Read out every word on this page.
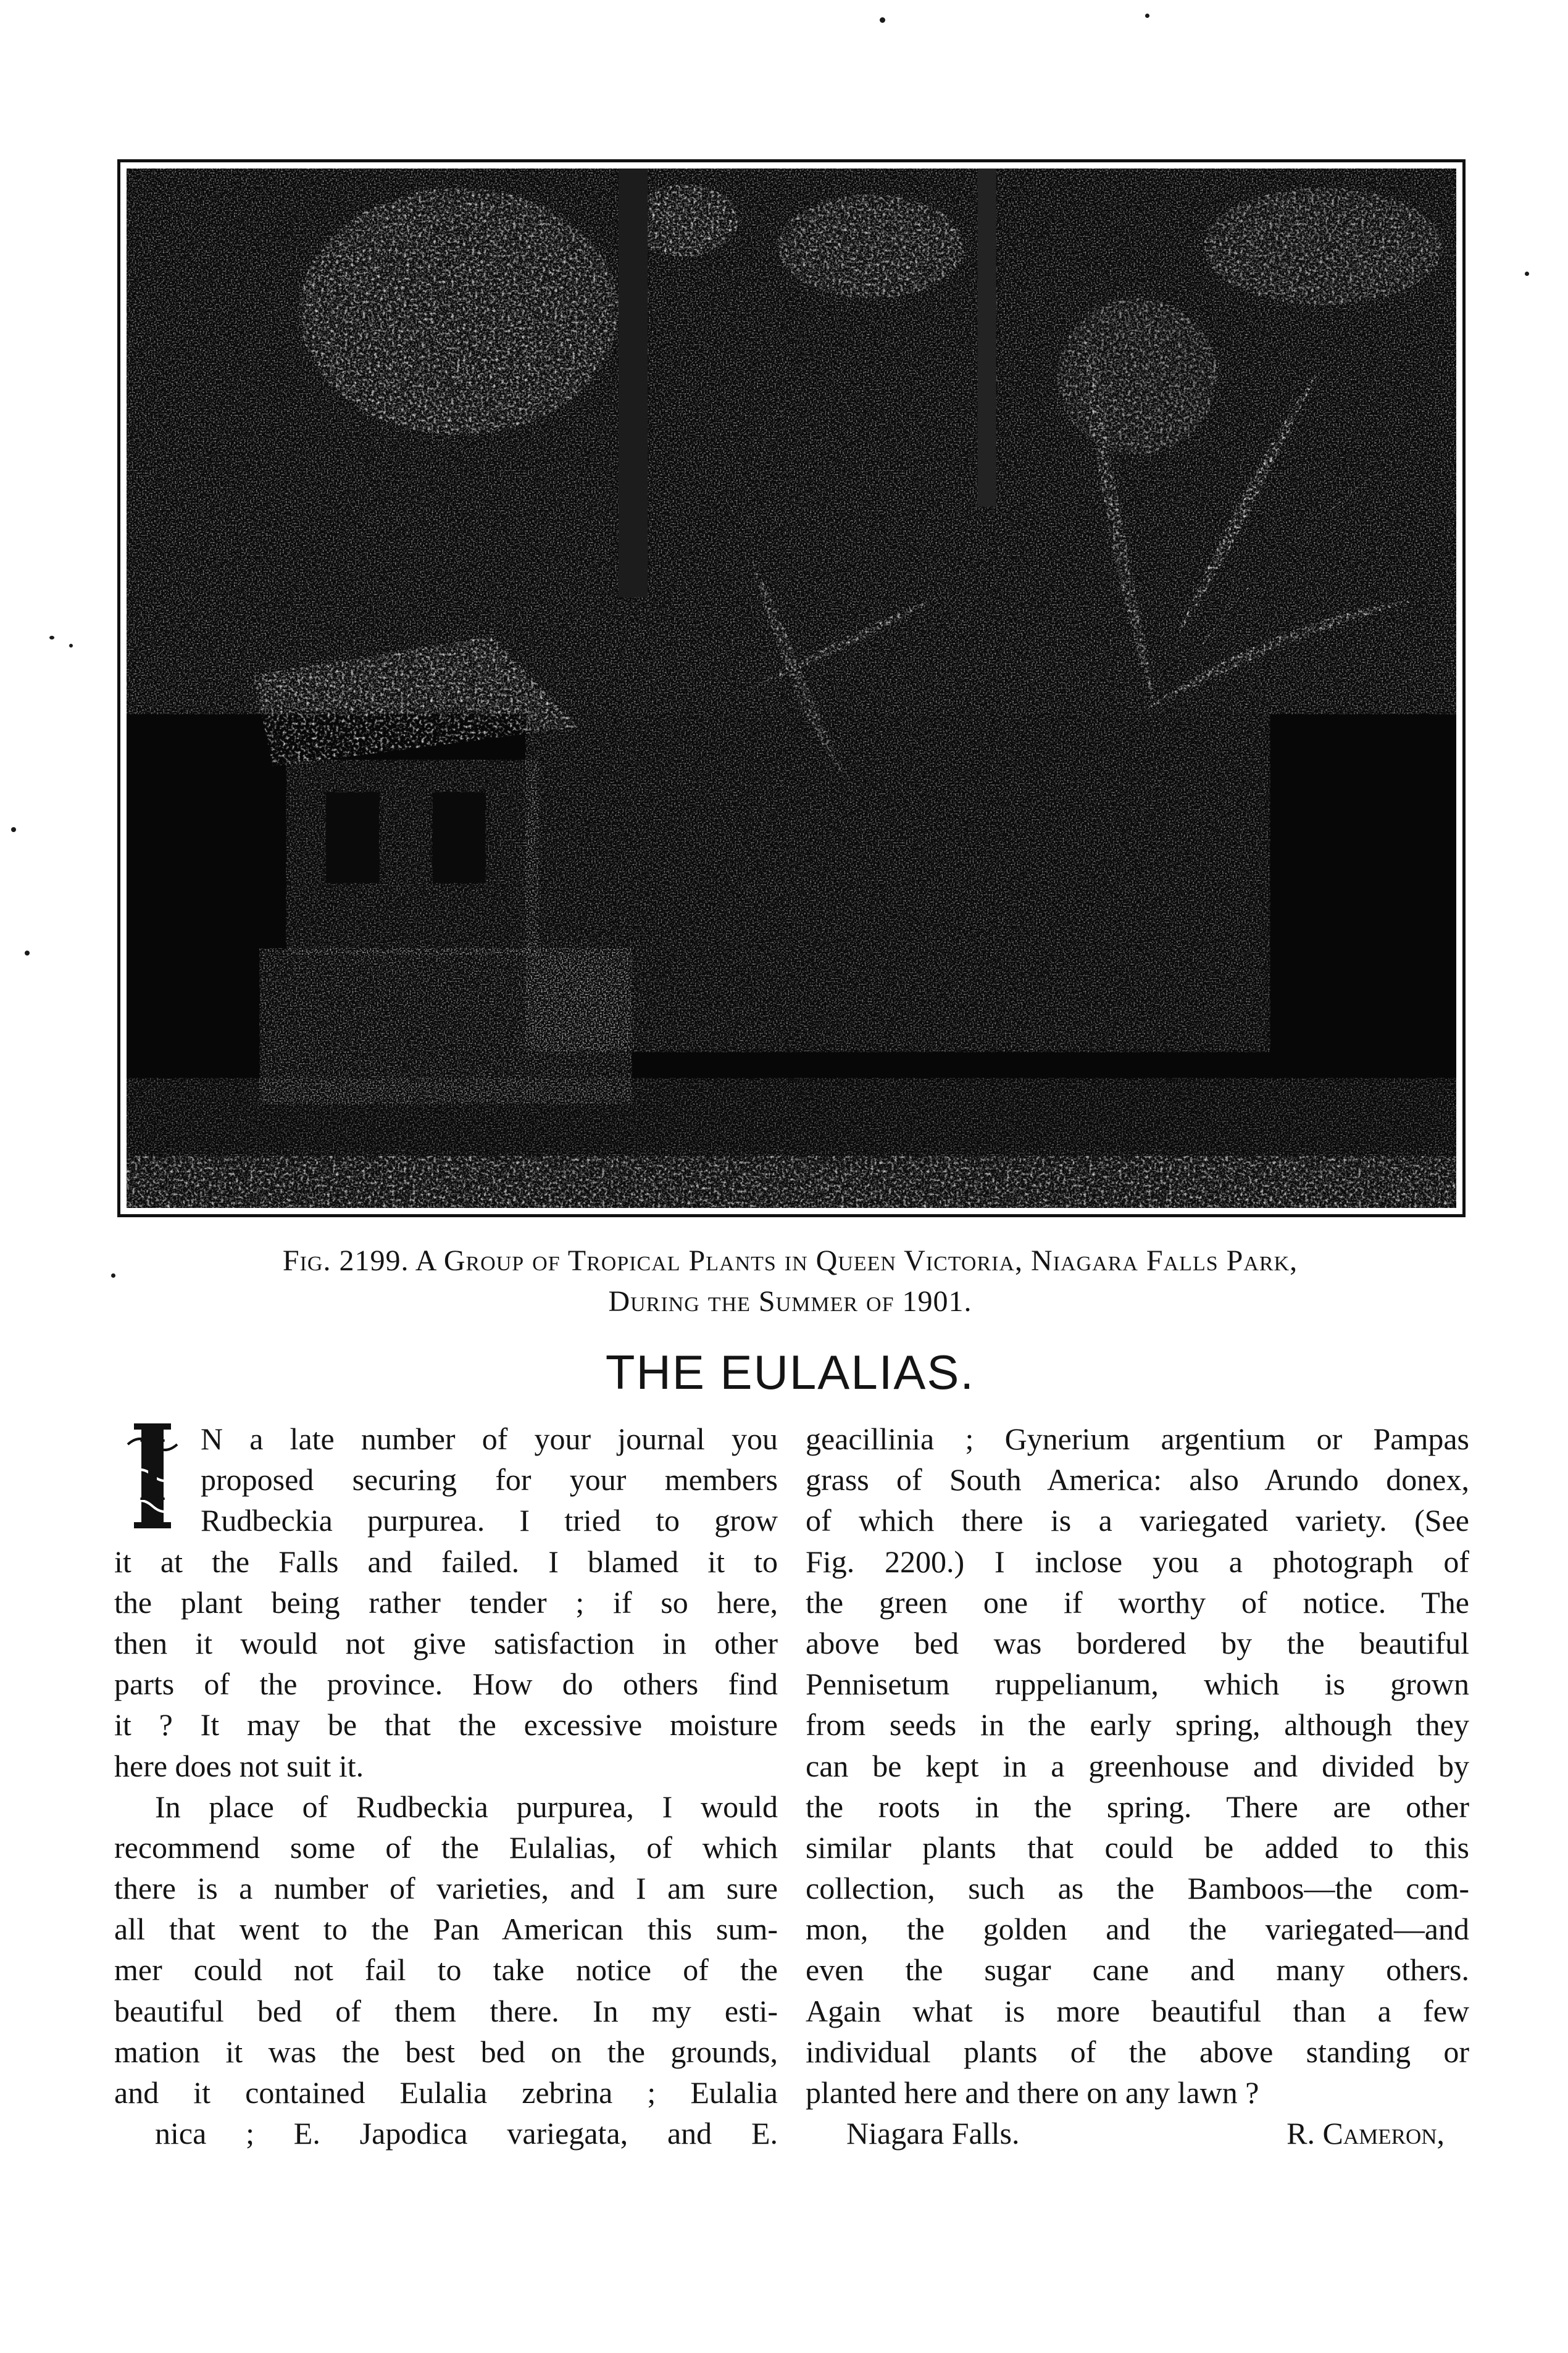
Fig. 2199. A Group of Tropical Plants in Queen Victoria, Niagara Falls Park,
During the Summer of 1901.
THE EULALIAS.
I	N a late number of your journal you
proposed securing for your members
Rudbeckia purpurea. I tried to grow
it at the Falls and failed. I blamed it to
the plant being rather tender ; if so here,
then it would not give satisfaction in other
parts of the province. How do others find
it ? It may be that the excessive moisture
here does not suit it.
In place of Rudbeckia purpurea, I would
recommend some of the Eulalias, of which
there is a number of varieties, and I am sure
all that went to the Pan American this sum-
mer could not fail to take notice of the
beautiful bed of them there. In my esti-
mation it was the best bed on the grounds,
and it contained Eulalia zebrina ; Eulalia
nica ; E. Japodica variegata, and E.
geacillinia ; Gynerium argentium or Pampas
grass of South America: also Arundo donex,
of which there is a variegated variety. (See
Fig. 2200.) I inclose you a photograph of
the green one if worthy of notice. The
above bed was bordered by the beautiful
Pennisetum ruppelianum, which is grown
from seeds in the early spring, although they
can be kept in a greenhouse and divided by
the roots in the spring. There are other
similar plants that could be added to this
collection, such as the Bamboos—the com-
mon, the golden and the variegated—and
even the sugar cane and many others.
Again what is more beautiful than a few
individual plants of the above standing or
planted here and there on any lawn ?
Niagara Falls.	R. Cameron,
